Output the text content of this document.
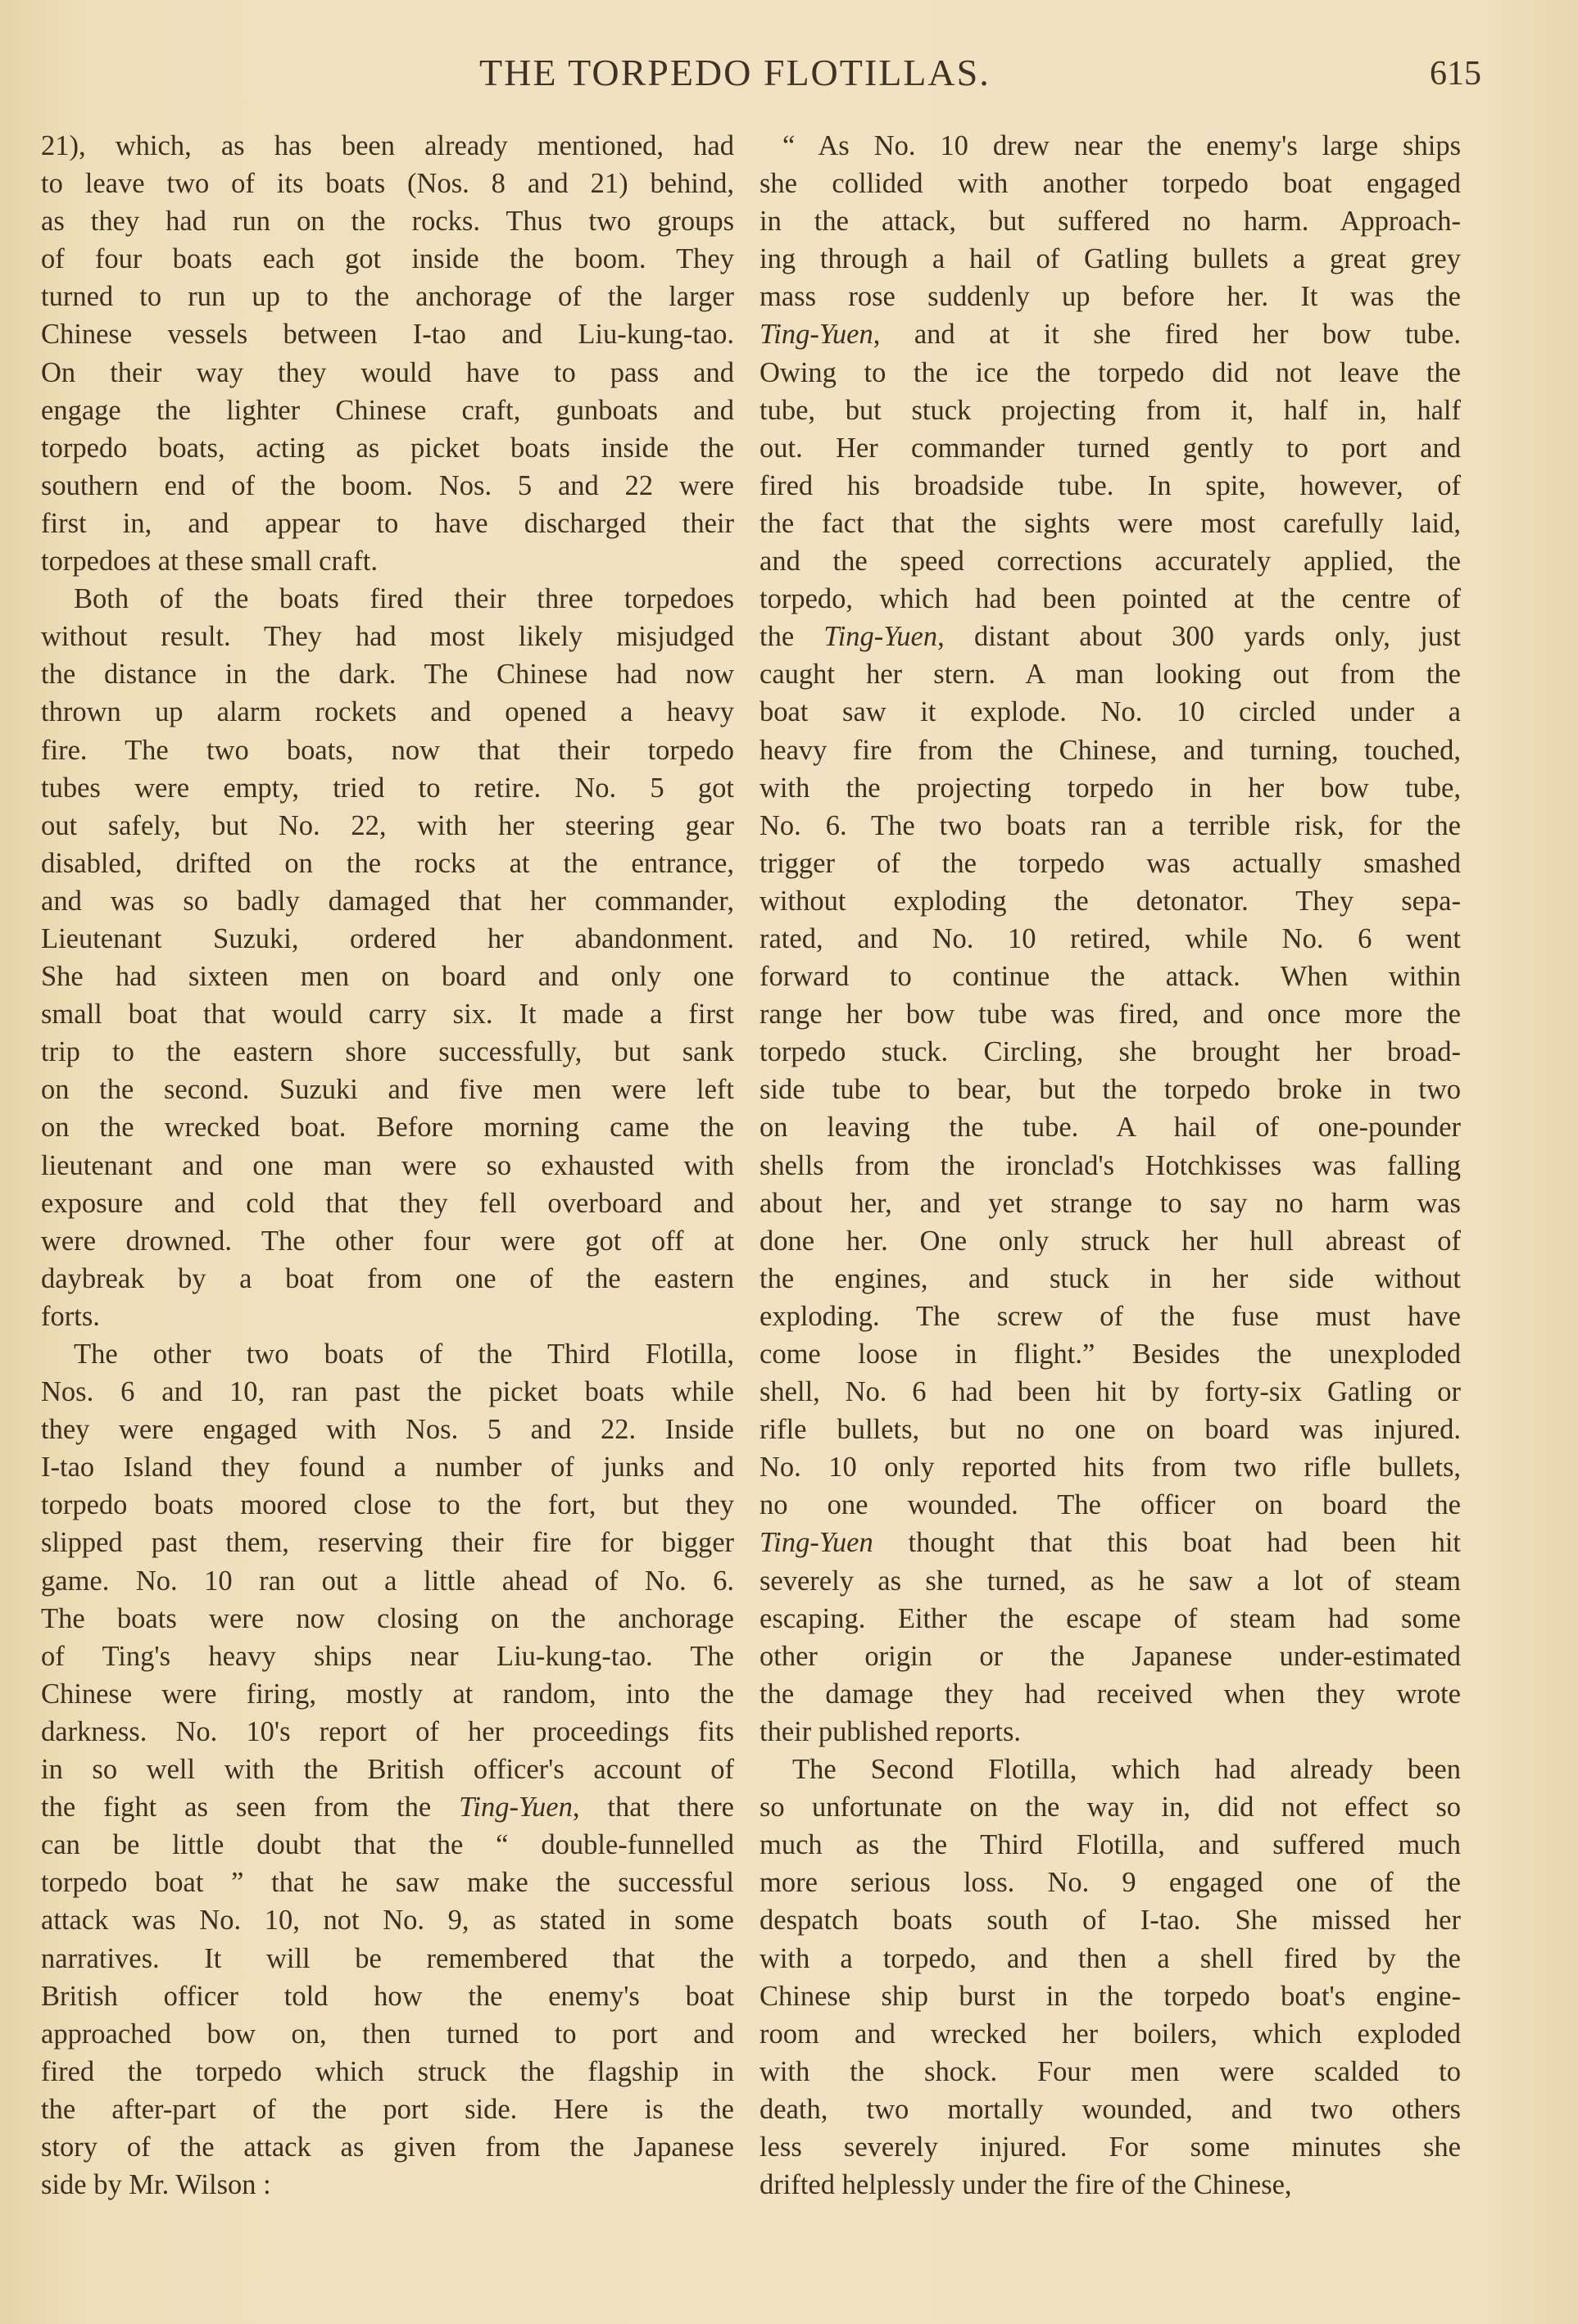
THE TORPEDO FLOTILLAS.	615
21), which, as has been already mentioned, had
to leave two of its boats (Nos. 8 and 21) behind,
as they had run on the rocks. Thus two groups
of four boats each got inside the boom. They
turned to run up to the anchorage of the larger
Chinese vessels between I-tao and Liu-kung-tao.
On their way they would have to pass and
engage the lighter Chinese craft, gunboats and
torpedo boats, acting as picket boats inside the
southern end of the boom. Nos. 5 and 22 were
first in, and appear to have discharged their
torpedoes at these small craft.
Both of the boats fired their three torpedoes
without result. They had most likely misjudged
the distance in the dark. The Chinese had now
thrown up alarm rockets and opened a heavy
fire. The two boats, now that their torpedo
tubes were empty, tried to retire. No. 5 got
out safely, but No. 22, with her steering gear
disabled, drifted on the rocks at the entrance,
and was so badly damaged that her commander,
Lieutenant Suzuki, ordered her abandonment.
She had sixteen men on board and only one
small boat that would carry six. It made a first
trip to the eastern shore successfully, but sank
on the second. Suzuki and five men were left
on the wrecked boat. Before morning came the
lieutenant and one man were so exhausted with
exposure and cold that they fell overboard and
were drowned. The other four were got off at
daybreak by a boat from one of the eastern
forts.
The other two boats of the Third Flotilla,
Nos. 6 and 10, ran past the picket boats while
they were engaged with Nos. 5 and 22. Inside
I-tao Island they found a number of junks and
torpedo boats moored close to the fort, but they
slipped past them, reserving their fire for bigger
game. No. 10 ran out a little ahead of No. 6.
The boats were now closing on the anchorage
of Ting's heavy ships near Liu-kung-tao. The
Chinese were firing, mostly at random, into the
darkness. No. 10's report of her proceedings fits
in so well with the British officer's account of
the fight as seen from the Ting-Yuen, that there
can be little doubt that the “ double-funnelled
torpedo boat ” that he saw make the successful
attack was No. 10, not No. 9, as stated in some
narratives. It will be remembered that the
British officer told how the enemy's boat
approached bow on, then turned to port and
fired the torpedo which struck the flagship in
the after-part of the port side. Here is the
story of the attack as given from the Japanese
side by Mr. Wilson :
“ As No. 10 drew near the enemy's large ships
she collided with another torpedo boat engaged
in the attack, but suffered no harm. Approach-
ing through a hail of Gatling bullets a great grey
mass rose suddenly up before her. It was the
Ting-Yuen, and at it she fired her bow tube.
Owing to the ice the torpedo did not leave the
tube, but stuck projecting from it, half in, half
out. Her commander turned gently to port and
fired his broadside tube. In spite, however, of
the fact that the sights were most carefully laid,
and the speed corrections accurately applied, the
torpedo, which had been pointed at the centre of
the Ting-Yuen, distant about 300 yards only, just
caught her stern. A man looking out from the
boat saw it explode. No. 10 circled under a
heavy fire from the Chinese, and turning, touched,
with the projecting torpedo in her bow tube,
No. 6. The two boats ran a terrible risk, for the
trigger of the torpedo was actually smashed
without exploding the detonator. They sepa-
rated, and No. 10 retired, while No. 6 went
forward to continue the attack. When within
range her bow tube was fired, and once more the
torpedo stuck. Circling, she brought her broad-
side tube to bear, but the torpedo broke in two
on leaving the tube. A hail of one-pounder
shells from the ironclad's Hotchkisses was falling
about her, and yet strange to say no harm was
done her. One only struck her hull abreast of
the engines, and stuck in her side without
exploding. The screw of the fuse must have
come loose in flight.” Besides the unexploded
shell, No. 6 had been hit by forty-six Gatling or
rifle bullets, but no one on board was injured.
No. 10 only reported hits from two rifle bullets,
no one wounded. The officer on board the
Ting-Yuen thought that this boat had been hit
severely as she turned, as he saw a lot of steam
escaping. Either the escape of steam had some
other origin or the Japanese under-estimated
the damage they had received when they wrote
their published reports.
The Second Flotilla, which had already been
so unfortunate on the way in, did not effect so
much as the Third Flotilla, and suffered much
more serious loss. No. 9 engaged one of the
despatch boats south of I-tao. She missed her
with a torpedo, and then a shell fired by the
Chinese ship burst in the torpedo boat's engine-
room and wrecked her boilers, which exploded
with the shock. Four men were scalded to
death, two mortally wounded, and two others
less severely injured. For some minutes she
drifted helplessly under the fire of the Chinese,
